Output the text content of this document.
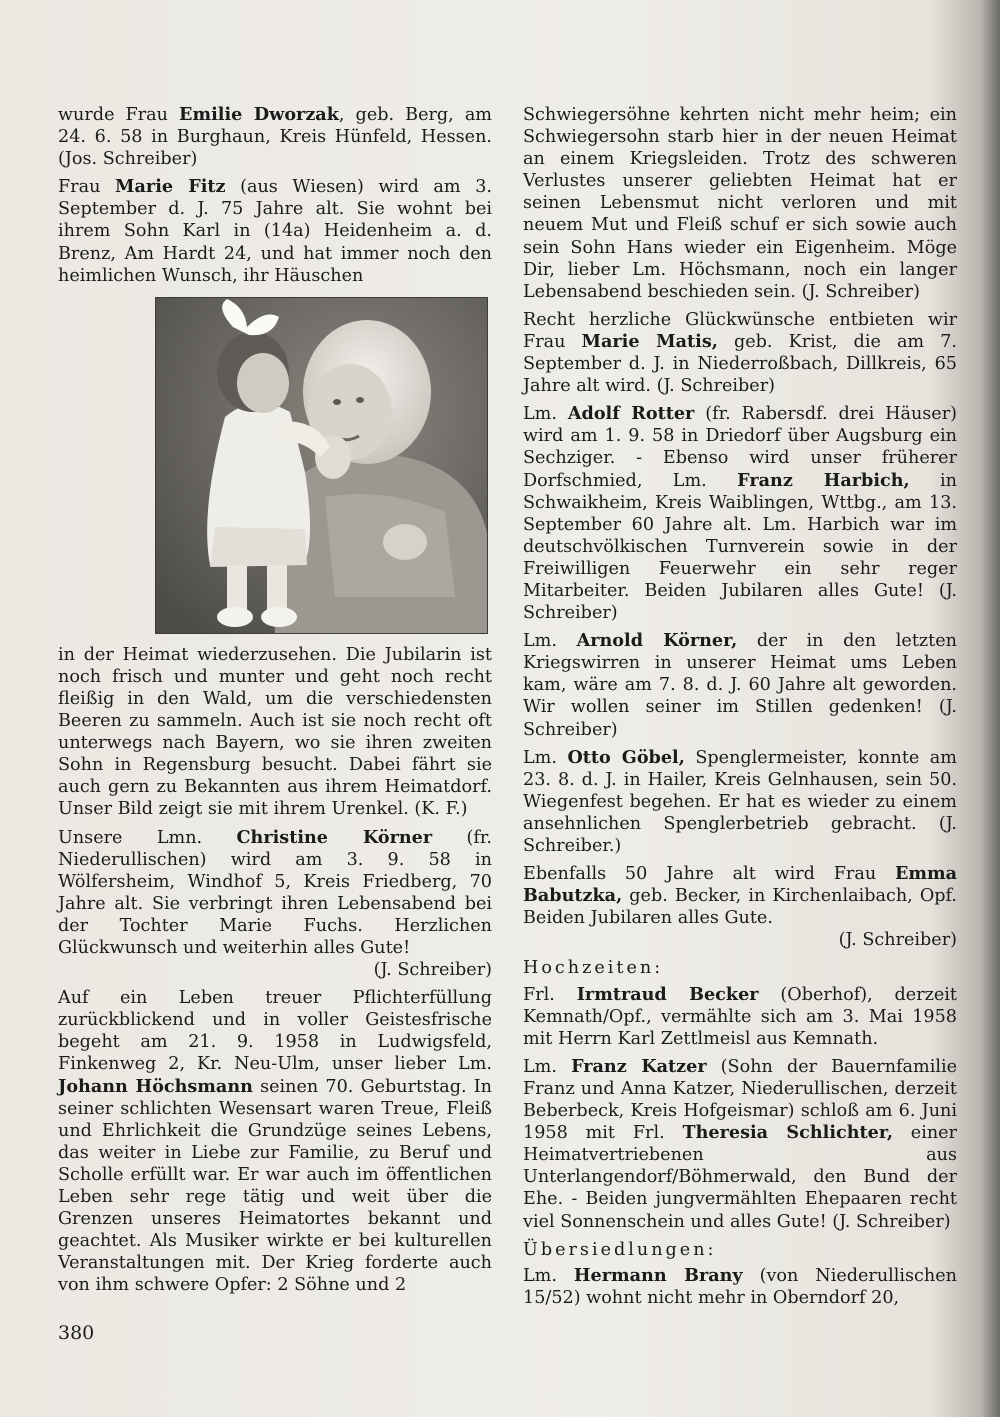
wurde Frau Emilie Dworzak, geb. Berg, am 24. 6. 58 in Burghaun, Kreis Hünfeld, Hessen. (Jos. Schreiber)

Frau Marie Fitz (aus Wiesen) wird am 3. September d. J. 75 Jahre alt. Sie wohnt bei ihrem Sohn Karl in (14a) Heidenheim a. d. Brenz, Am Hardt 24, und hat immer noch den heimlichen Wunsch, ihr Häuschen

in der Heimat wiederzusehen. Die Jubilarin ist noch frisch und munter und geht noch recht fleißig in den Wald, um die verschiedensten Beeren zu sammeln. Auch ist sie noch recht oft unterwegs nach Bayern, wo sie ihren zweiten Sohn in Regensburg besucht. Dabei fährt sie auch gern zu Bekannten aus ihrem Heimatdorf. Unser Bild zeigt sie mit ihrem Urenkel. (K. F.)

Unsere Lmn. Christine Körner (fr. Niederullischen) wird am 3. 9. 58 in Wölfersheim, Windhof 5, Kreis Friedberg, 70 Jahre alt. Sie verbringt ihren Lebensabend bei der Tochter Marie Fuchs. Herzlichen Glückwunsch und weiterhin alles Gute!

(J. Schreiber)

Auf ein Leben treuer Pflichterfüllung zurückblickend und in voller Geistesfrische begeht am 21. 9. 1958 in Ludwigsfeld, Finkenweg 2, Kr. Neu-Ulm, unser lieber Lm. Johann Höchsmann seinen 70. Geburtstag. In seiner schlichten Wesensart waren Treue, Fleiß und Ehrlichkeit die Grundzüge seines Lebens, das weiter in Liebe zur Familie, zu Beruf und Scholle erfüllt war. Er war auch im öffentlichen Leben sehr rege tätig und weit über die Grenzen unseres Heimatortes bekannt und geachtet. Als Musiker wirkte er bei kulturellen Veranstaltungen mit. Der Krieg forderte auch von ihm schwere Opfer: 2 Söhne und 2

Schwiegersöhne kehrten nicht mehr heim; ein Schwiegersohn starb hier in der neuen Heimat an einem Kriegsleiden. Trotz des schweren Verlustes unserer geliebten Heimat hat er seinen Lebensmut nicht verloren und mit neuem Mut und Fleiß schuf er sich sowie auch sein Sohn Hans wieder ein Eigenheim. Möge Dir, lieber Lm. Höchsmann, noch ein langer Lebensabend beschieden sein. (J. Schreiber)

Recht herzliche Glückwünsche entbieten wir Frau Marie Matis, geb. Krist, die am 7. September d. J. in Niederroßbach, Dillkreis, 65 Jahre alt wird. (J. Schreiber)

Lm. Adolf Rotter (fr. Rabersdf. drei Häuser) wird am 1. 9. 58 in Driedorf über Augsburg ein Sechziger. - Ebenso wird unser früherer Dorfschmied, Lm. Franz Harbich, in Schwaikheim, Kreis Waiblingen, Wttbg., am 13. September 60 Jahre alt. Lm. Harbich war im deutschvölkischen Turnverein sowie in der Freiwilligen Feuerwehr ein sehr reger Mitarbeiter. Beiden Jubilaren alles Gute! (J. Schreiber)

Lm. Arnold Körner, der in den letzten Kriegswirren in unserer Heimat ums Leben kam, wäre am 7. 8. d. J. 60 Jahre alt geworden. Wir wollen seiner im Stillen gedenken! (J. Schreiber)

Lm. Otto Göbel, Spenglermeister, konnte am 23. 8. d. J. in Hailer, Kreis Gelnhausen, sein 50. Wiegenfest begehen. Er hat es wieder zu einem ansehnlichen Spenglerbetrieb gebracht. (J. Schreiber.)

Ebenfalls 50 Jahre alt wird Frau Emma Babutzka, geb. Becker, in Kirchenlaibach, Opf. Beiden Jubilaren alles Gute.

(J. Schreiber)
Hochzeiten:

Frl. Irmtraud Becker (Oberhof), derzeit Kemnath/Opf., vermählte sich am 3. Mai 1958 mit Herrn Karl Zettlmeisl aus Kemnath.

Lm. Franz Katzer (Sohn der Bauernfamilie Franz und Anna Katzer, Niederullischen, derzeit Beberbeck, Kreis Hofgeismar) schloß am 6. Juni 1958 mit Frl. Theresia Schlichter, einer Heimatvertriebenen aus Unterlangendorf/Böhmerwald, den Bund der Ehe. - Beiden jungvermählten Ehepaaren recht viel Sonnenschein und alles Gute! (J. Schreiber)

Übersiedlungen:

Lm. Hermann Brany (von Niederullischen 15/52) wohnt nicht mehr in Oberndorf 20,

380
